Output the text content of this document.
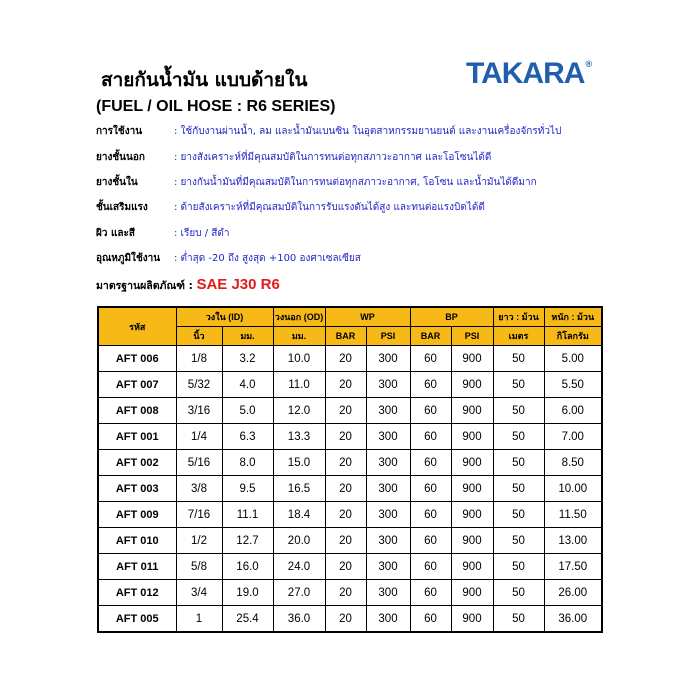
สายกันน้ำมัน แบบด้ายใน	TAKARA®
(FUEL / OIL HOSE : R6 SERIES)
การใช้งาน	: ใช้กับงานผ่านน้ำ, ลม และน้ำมันเบนซิน ในอุตสาหกรรมยานยนต์ และงานเครื่องจักรทั่วไป
ยางชั้นนอก	: ยางสังเคราะห์ที่มีคุณสมบัติในการทนต่อทุกสภาวะอากาศ และโอโซนได้ดี
ยางชั้นใน	: ยางกันน้ำมันที่มีคุณสมบัติในการทนต่อทุกสภาวะอากาศ, โอโซน และน้ำมันได้ดีมาก
ชั้นเสริมแรง	: ด้ายสังเคราะห์ที่มีคุณสมบัติในการรับแรงดันได้สูง และทนต่อแรงบิดได้ดี
ผิว และสี	: เรียบ / สีดำ
อุณหภูมิใช้งาน : ต่ำสุด -20 ถึง สูงสุด +100 องศาเซลเซียส
มาตรฐานผลิตภัณฑ์ : SAE J30 R6
รหัส	วงใน (ID)		วงนอก (OD)	WP		BP		ยาว : ม้วน	หนัก : ม้วน
	นิ้ว	มม.	มม.	BAR	PSI	BAR	PSI	เมตร	กิโลกรัม
AFT 006	1/8	3.2	10.0	20	300	60	900	50	5.00
AFT 007	5/32	4.0	11.0	20	300	60	900	50	5.50
AFT 008	3/16	5.0	12.0	20	300	60	900	50	6.00
AFT 001	1/4	6.3	13.3	20	300	60	900	50	7.00
AFT 002	5/16	8.0	15.0	20	300	60	900	50	8.50
AFT 003	3/8	9.5	16.5	20	300	60	900	50	10.00
AFT 009	7/16	11.1	18.4	20	300	60	900	50	11.50
AFT 010	1/2	12.7	20.0	20	300	60	900	50	13.00
AFT 011	5/8	16.0	24.0	20	300	60	900	50	17.50
AFT 012	3/4	19.0	27.0	20	300	60	900	50	26.00
AFT 005	1	25.4	36.0	20	300	60	900	50	36.00
